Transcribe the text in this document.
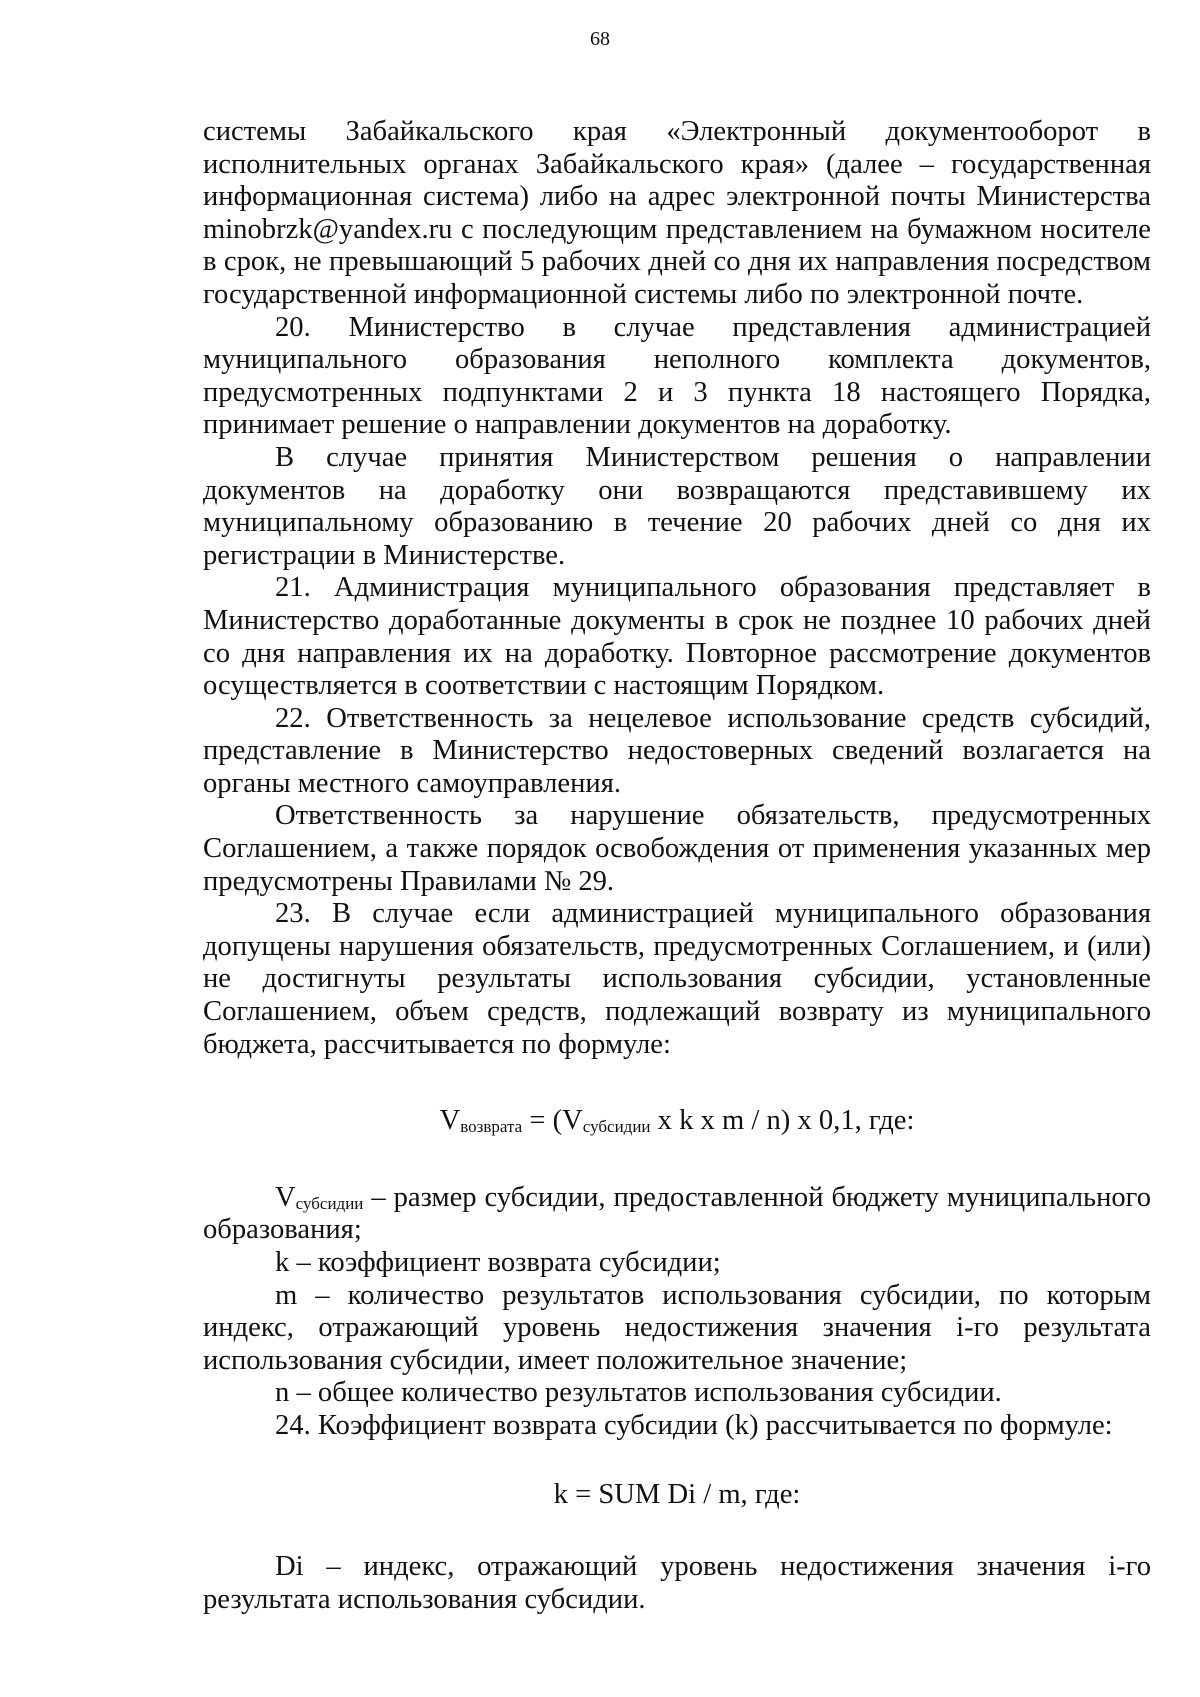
68

системы Забайкальского края «Электронный документооборот в исполнительных органах Забайкальского края» (далее – государственная информационная система) либо на адрес электронной почты Министерства minobrzk@yandex.ru с последующим представлением на бумажном носителе в срок, не превышающий 5 рабочих дней со дня их направления посредством государственной информационной системы либо по электронной почте.

20. Министерство в случае представления администрацией муниципального образования неполного комплекта документов, предусмотренных подпунктами 2 и 3 пункта 18 настоящего Порядка, принимает решение о направлении документов на доработку.

В случае принятия Министерством решения о направлении документов на доработку они возвращаются представившему их муниципальному образованию в течение 20 рабочих дней со дня их регистрации в Министерстве.

21. Администрация муниципального образования представляет в Министерство доработанные документы в срок не позднее 10 рабочих дней со дня направления их на доработку. Повторное рассмотрение документов осуществляется в соответствии с настоящим Порядком.

22. Ответственность за нецелевое использование средств субсидий, представление в Министерство недостоверных сведений возлагается на органы местного самоуправления.

Ответственность за нарушение обязательств, предусмотренных Соглашением, а также порядок освобождения от применения указанных мер предусмотрены Правилами № 29.

23. В случае если администрацией муниципального образования допущены нарушения обязательств, предусмотренных Соглашением, и (или) не достигнуты результаты использования субсидии, установленные Соглашением, объем средств, подлежащий возврату из муниципального бюджета, рассчитывается по формуле:

$V_{возврата} = (V_{субсидии}$ x k x m / n) x 0,1, где:

$V_{субсидии}$ – размер субсидии, предоставленной бюджету муниципального образования;

k – коэффициент возврата субсидии;

m – количество результатов использования субсидии, по которым индекс, отражающий уровень недостижения значения i-го результата использования субсидии, имеет положительное значение;

n – общее количество результатов использования субсидии.

24. Коэффициент возврата субсидии (k) рассчитывается по формуле:

k = SUM Di / m, где:

Di – индекс, отражающий уровень недостижения значения i-го результата использования субсидии.
